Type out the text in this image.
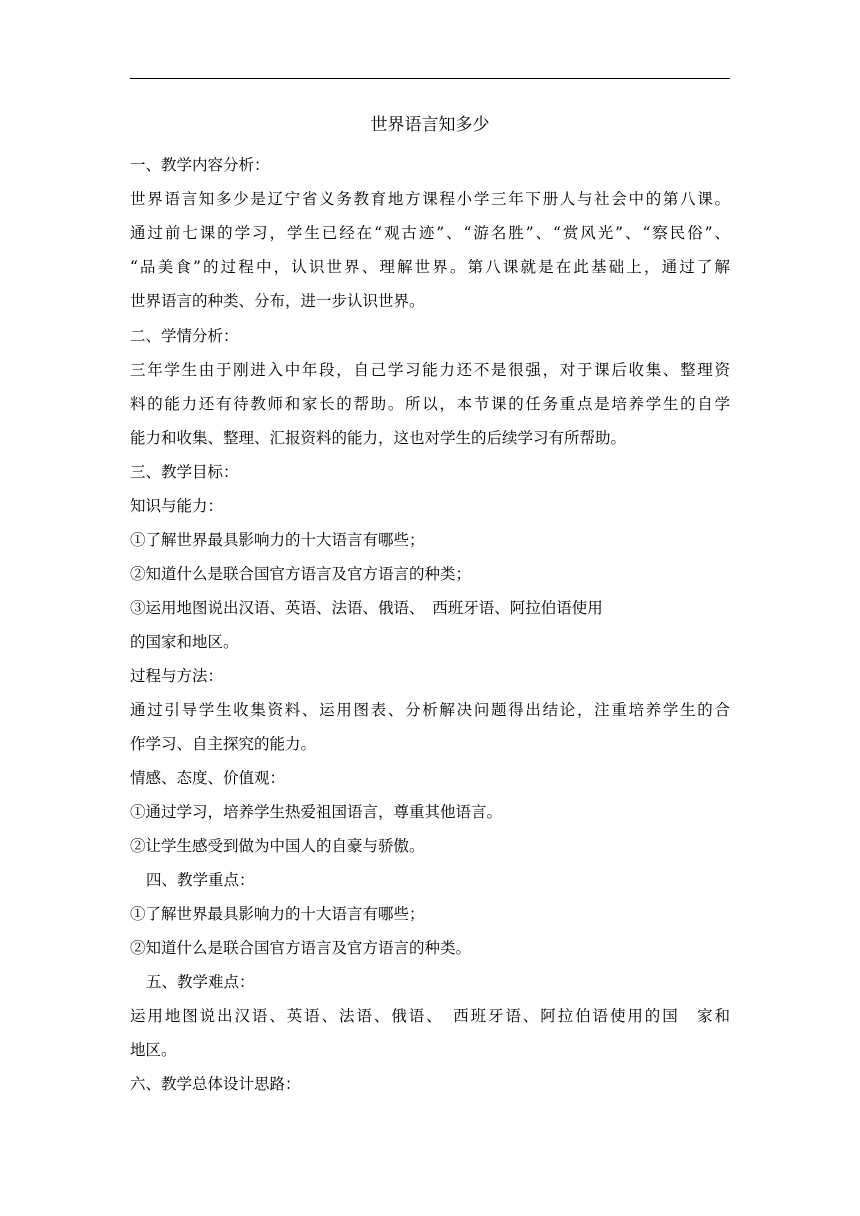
世界语言知多少
一、教学内容分析：
世界语言知多少是辽宁省义务教育地方课程小学三年下册人与社会中的第八课。
通过前七课的学习，学生已经在“观古迹”、“游名胜”、“赏风光”、“察民俗”、
“品美食”的过程中，认识世界、理解世界。第八课就是在此基础上，通过了解
世界语言的种类、分布，进一步认识世界。
二、学情分析：
三年学生由于刚进入中年段，自己学习能力还不是很强，对于课后收集、整理资
料的能力还有待教师和家长的帮助。所以，本节课的任务重点是培养学生的自学
能力和收集、整理、汇报资料的能力，这也对学生的后续学习有所帮助。
三、教学目标：
知识与能力：
①了解世界最具影响力的十大语言有哪些；
②知道什么是联合国官方语言及官方语言的种类；
③运用地图说出汉语、英语、法语、俄语、　西班牙语、阿拉伯语使用
的国家和地区。
过程与方法：
通过引导学生收集资料、运用图表、分析解决问题得出结论，注重培养学生的合
作学习、自主探究的能力。
情感、态度、价值观：
①通过学习，培养学生热爱祖国语言，尊重其他语言。
②让学生感受到做为中国人的自豪与骄傲。
四、教学重点：
①了解世界最具影响力的十大语言有哪些；
②知道什么是联合国官方语言及官方语言的种类。
五、教学难点：
运用地图说出汉语、英语、法语、俄语、　西班牙语、阿拉伯语使用的国　家和
地区。
六、教学总体设计思路：
